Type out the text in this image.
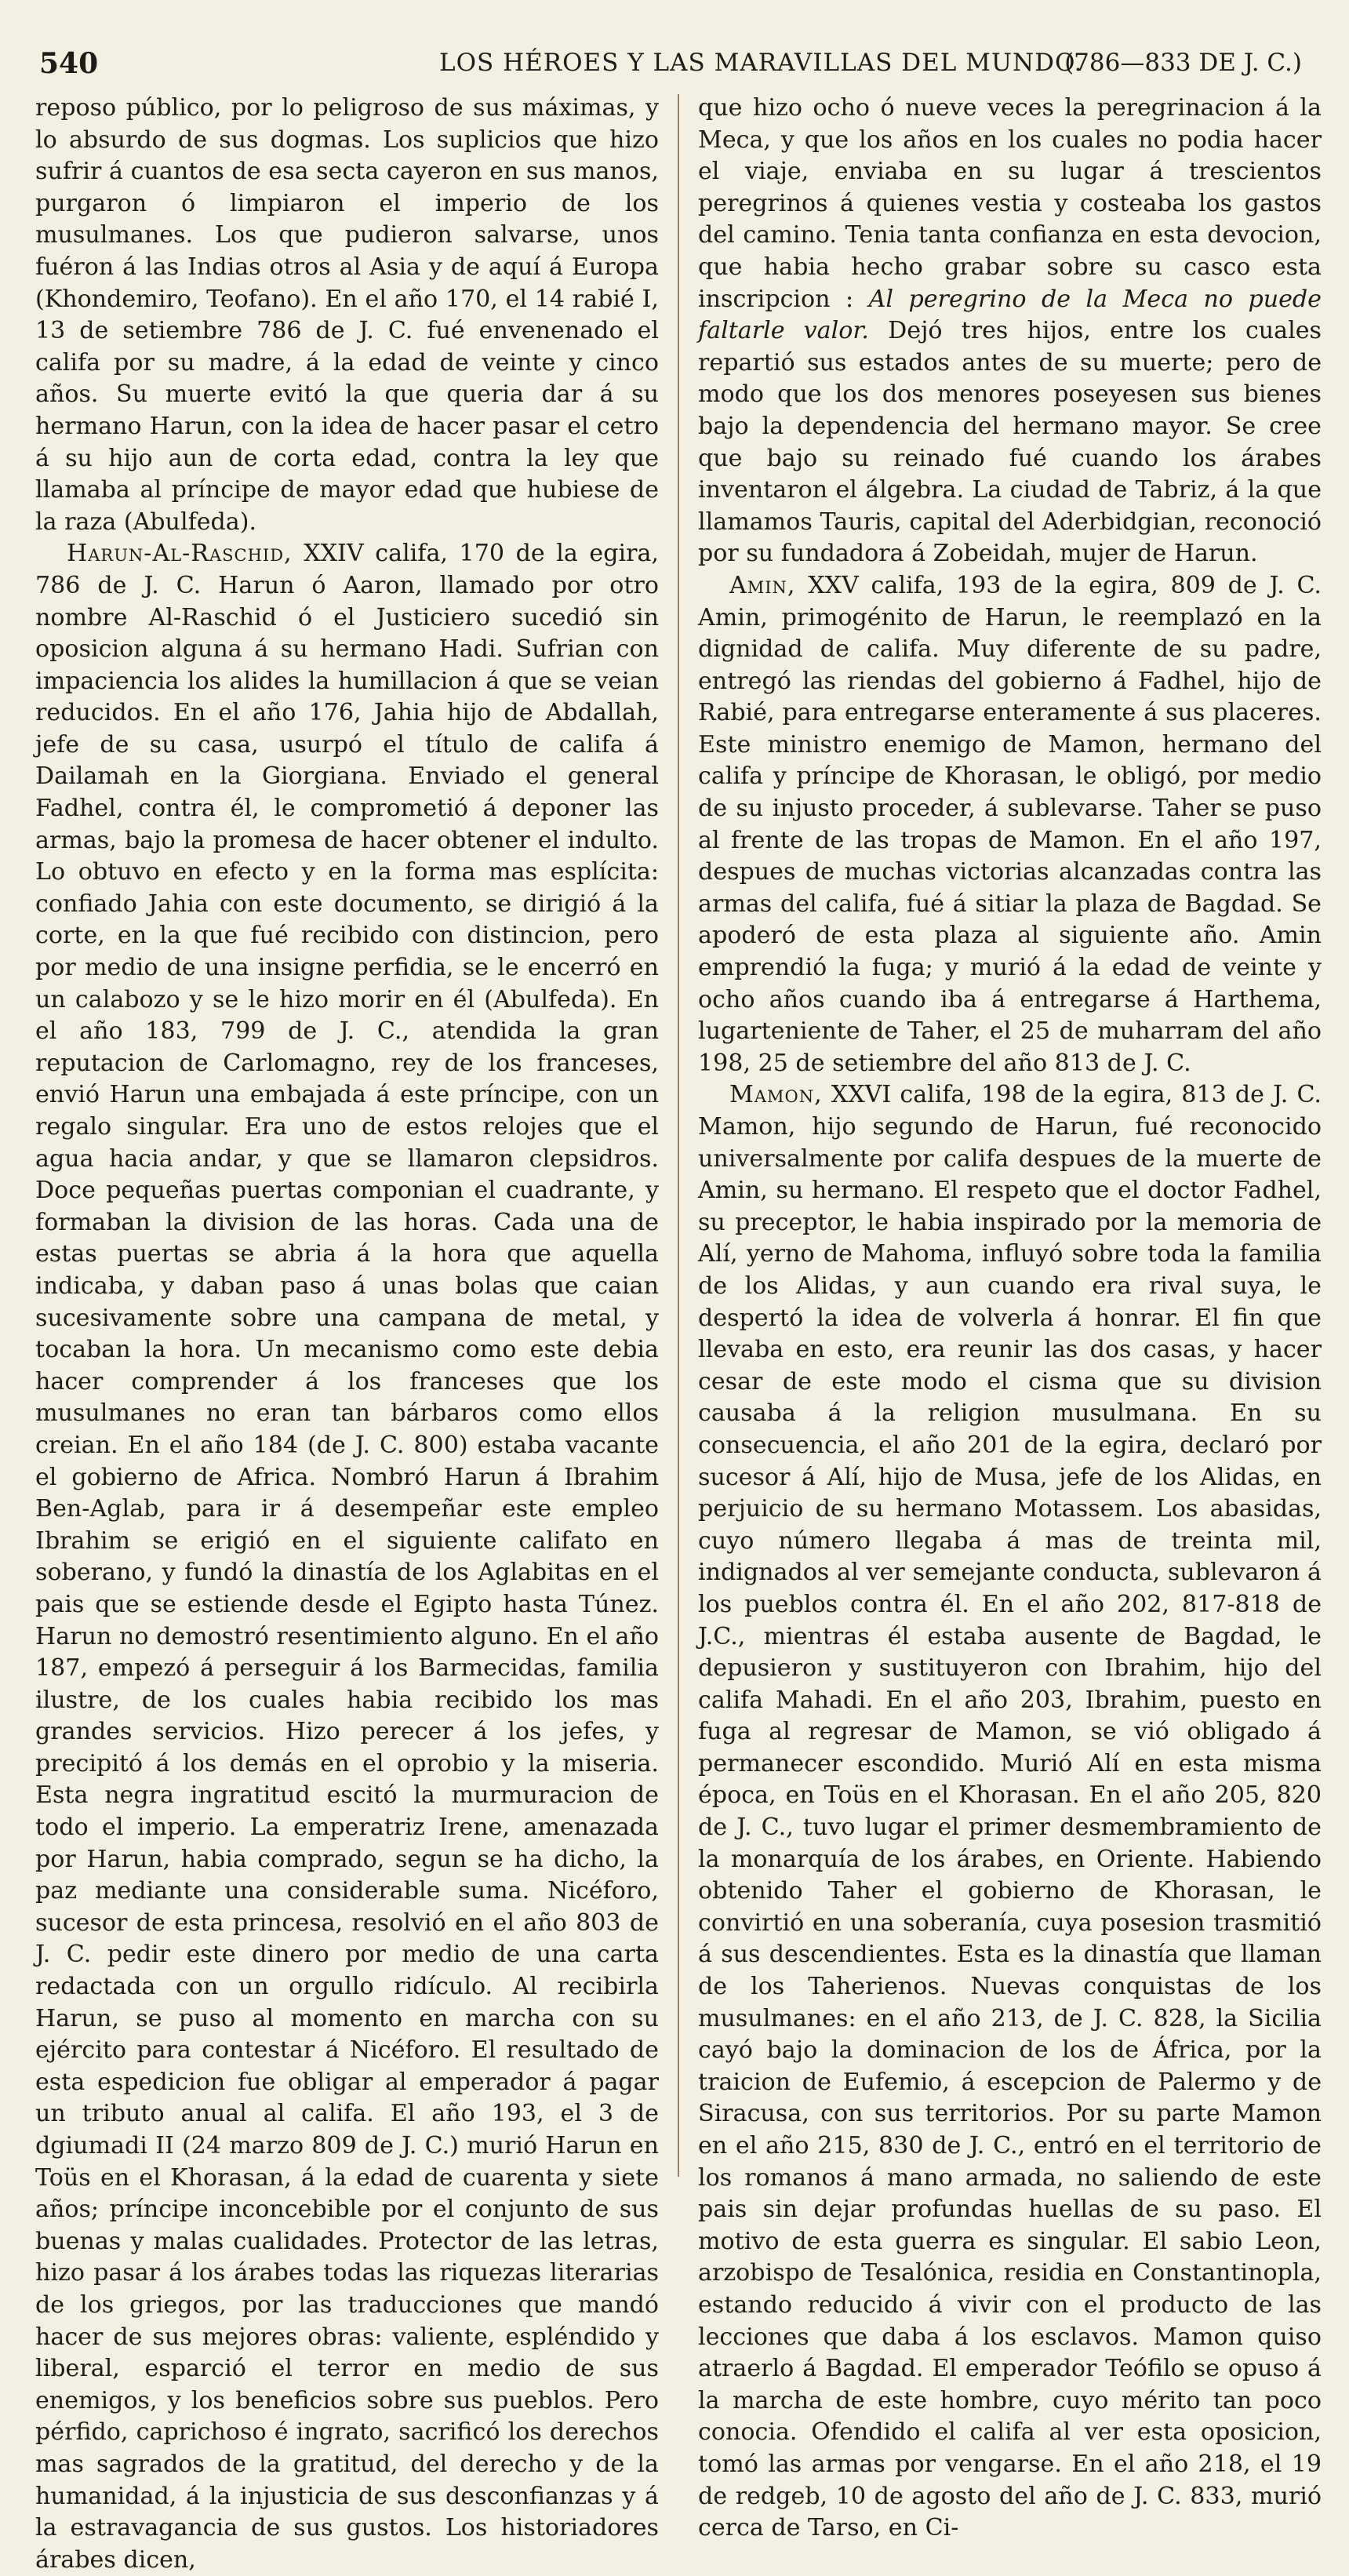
540	LOS HÉROES Y LAS MARAVILLAS DEL MUNDO.
(786—833 DE J. C.)

reposo público, por lo peligroso de sus máximas, y lo absurdo de sus dogmas. Los suplicios que hizo sufrir á cuantos de esa secta cayeron en sus manos, purgaron ó limpiaron el imperio de los musulmanes. Los que pudieron salvarse, unos fuéron á las Indias otros al Asia y de aquí á Europa (Khondemiro, Teofano). En el año 170, el 14 rabié I, 13 de setiembre 786 de J. C. fué envenenado el califa por su madre, á la edad de veinte y cinco años. Su muerte evitó la que queria dar á su hermano Harun, con la idea de hacer pasar el cetro á su hijo aun de corta edad, contra la ley que llamaba al príncipe de mayor edad que hubiese de la raza (Abulfeda).

Harun-Al-Raschid, XXIV califa, 170 de la egira, 786 de J. C. Harun ó Aaron, llamado por otro nombre Al-Raschid ó el Justiciero sucedió sin oposicion alguna á su hermano Hadi. Sufrian con impaciencia los alides la humillacion á que se veian reducidos. En el año 176, Jahia hijo de Abdallah, jefe de su casa, usurpó el título de califa á Dailamah en la Giorgiana. Enviado el general Fadhel, contra él, le comprometió á deponer las armas, bajo la promesa de hacer obtener el indulto. Lo obtuvo en efecto y en la forma mas esplícita: confiado Jahia con este documento, se dirigió á la corte, en la que fué recibido con distincion, pero por medio de una insigne perfidia, se le encerró en un calabozo y se le hizo morir en él (Abulfeda). En el año 183, 799 de J. C., atendida la gran reputacion de Carlomagno, rey de los franceses, envió Harun una embajada á este príncipe, con un regalo singular. Era uno de estos relojes que el agua hacia andar, y que se llamaron clepsidros. Doce pequeñas puertas componian el cuadrante, y formaban la division de las horas. Cada una de estas puertas se abria á la hora que aquella indicaba, y daban paso á unas bolas que caian sucesivamente sobre una campana de metal, y tocaban la hora. Un mecanismo como este debia hacer comprender á los franceses que los musulmanes no eran tan bárbaros como ellos creian. En el año 184 (de J. C. 800) estaba vacante el gobierno de Africa. Nombró Harun á Ibrahim Ben-Aglab, para ir á desempeñar este empleo Ibrahim se erigió en el siguiente califato en soberano, y fundó la dinastía de los Aglabitas en el pais que se estiende desde el Egipto hasta Túnez. Harun no demostró resentimiento alguno. En el año 187, empezó á perseguir á los Barmecidas, familia ilustre, de los cuales habia recibido los mas grandes servicios. Hizo perecer á los jefes, y precipitó á los demás en el oprobio y la miseria. Esta negra ingratitud escitó la murmuracion de todo el imperio. La emperatriz Irene, amenazada por Harun, habia comprado, segun se ha dicho, la paz mediante una considerable suma. Nicéforo, sucesor de esta princesa, resolvió en el año 803 de J. C. pedir este dinero por medio de una carta redactada con un orgullo ridículo. Al recibirla Harun, se puso al momento en marcha con su ejército para contestar á Nicéforo. El resultado de esta espedicion fue obligar al emperador á pagar un tributo anual al califa. El año 193, el 3 de dgiumadi II (24 marzo 809 de J. C.) murió Harun en Toüs en el Khorasan, á la edad de cuarenta y siete años; príncipe inconcebible por el conjunto de sus buenas y malas cualidades. Protector de las letras, hizo pasar á los árabes todas las riquezas literarias de los griegos, por las traducciones que mandó hacer de sus mejores obras: valiente, espléndido y liberal, esparció el terror en medio de sus enemigos, y los beneficios sobre sus pueblos. Pero pérfido, caprichoso é ingrato, sacrificó los derechos mas sagrados de la gratitud, del derecho y de la humanidad, á la injusticia de sus desconfianzas y á la estravagancia de sus gustos. Los historiadores árabes dicen,

que hizo ocho ó nueve veces la peregrinacion á la Meca, y que los años en los cuales no podia hacer el viaje, enviaba en su lugar á trescientos peregrinos á quienes vestia y costeaba los gastos del camino. Tenia tanta confianza en esta devocion, que habia hecho grabar sobre su casco esta inscripcion : Al peregrino de la Meca no puede faltarle valor. Dejó tres hijos, entre los cuales repartió sus estados antes de su muerte; pero de modo que los dos menores poseyesen sus bienes bajo la dependencia del hermano mayor. Se cree que bajo su reinado fué cuando los árabes inventaron el álgebra. La ciudad de Tabriz, á la que llamamos Tauris, capital del Aderbidgian, reconoció por su fundadora á Zobeidah, mujer de Harun.

Amin, XXV califa, 193 de la egira, 809 de J. C. Amin, primogénito de Harun, le reemplazó en la dignidad de califa. Muy diferente de su padre, entregó las riendas del gobierno á Fadhel, hijo de Rabié, para entregarse enteramente á sus placeres. Este ministro enemigo de Mamon, hermano del califa y príncipe de Khorasan, le obligó, por medio de su injusto proceder, á sublevarse. Taher se puso al frente de las tropas de Mamon. En el año 197, despues de muchas victorias alcanzadas contra las armas del califa, fué á sitiar la plaza de Bagdad. Se apoderó de esta plaza al siguiente año. Amin emprendió la fuga; y murió á la edad de veinte y ocho años cuando iba á entregarse á Harthema, lugarteniente de Taher, el 25 de muharram del año 198, 25 de setiembre del año 813 de J. C.

Mamon, XXVI califa, 198 de la egira, 813 de J. C. Mamon, hijo segundo de Harun, fué reconocido universalmente por califa despues de la muerte de Amin, su hermano. El respeto que el doctor Fadhel, su preceptor, le habia inspirado por la memoria de Alí, yerno de Mahoma, influyó sobre toda la familia de los Alidas, y aun cuando era rival suya, le despertó la idea de volverla á honrar. El fin que llevaba en esto, era reunir las dos casas, y hacer cesar de este modo el cisma que su division causaba á la religion musulmana. En su consecuencia, el año 201 de la egira, declaró por sucesor á Alí, hijo de Musa, jefe de los Alidas, en perjuicio de su hermano Motassem. Los abasidas, cuyo número llegaba á mas de treinta mil, indignados al ver semejante conducta, sublevaron á los pueblos contra él. En el año 202, 817-818 de J.C., mientras él estaba ausente de Bagdad, le depusieron y sustituyeron con Ibrahim, hijo del califa Mahadi. En el año 203, Ibrahim, puesto en fuga al regresar de Mamon, se vió obligado á permanecer escondido. Murió Alí en esta misma época, en Toüs en el Khorasan. En el año 205, 820 de J. C., tuvo lugar el primer desmembramiento de la monarquía de los árabes, en Oriente. Habiendo obtenido Taher el gobierno de Khorasan, le convirtió en una soberanía, cuya posesion trasmitió á sus descendientes. Esta es la dinastía que llaman de los Taherienos. Nuevas conquistas de los musulmanes: en el año 213, de J. C. 828, la Sicilia cayó bajo la dominacion de los de África, por la traicion de Eufemio, á escepcion de Palermo y de Siracusa, con sus territorios. Por su parte Mamon en el año 215, 830 de J. C., entró en el territorio de los romanos á mano armada, no saliendo de este pais sin dejar profundas huellas de su paso. El motivo de esta guerra es singular. El sabio Leon, arzobispo de Tesalónica, residia en Constantinopla, estando reducido á vivir con el producto de las lecciones que daba á los esclavos. Mamon quiso atraerlo á Bagdad. El emperador Teófilo se opuso á la marcha de este hombre, cuyo mérito tan poco conocia. Ofendido el califa al ver esta oposicion, tomó las armas por vengarse. En el año 218, el 19 de redgeb, 10 de agosto del año de J. C. 833, murió cerca de Tarso, en Ci-
